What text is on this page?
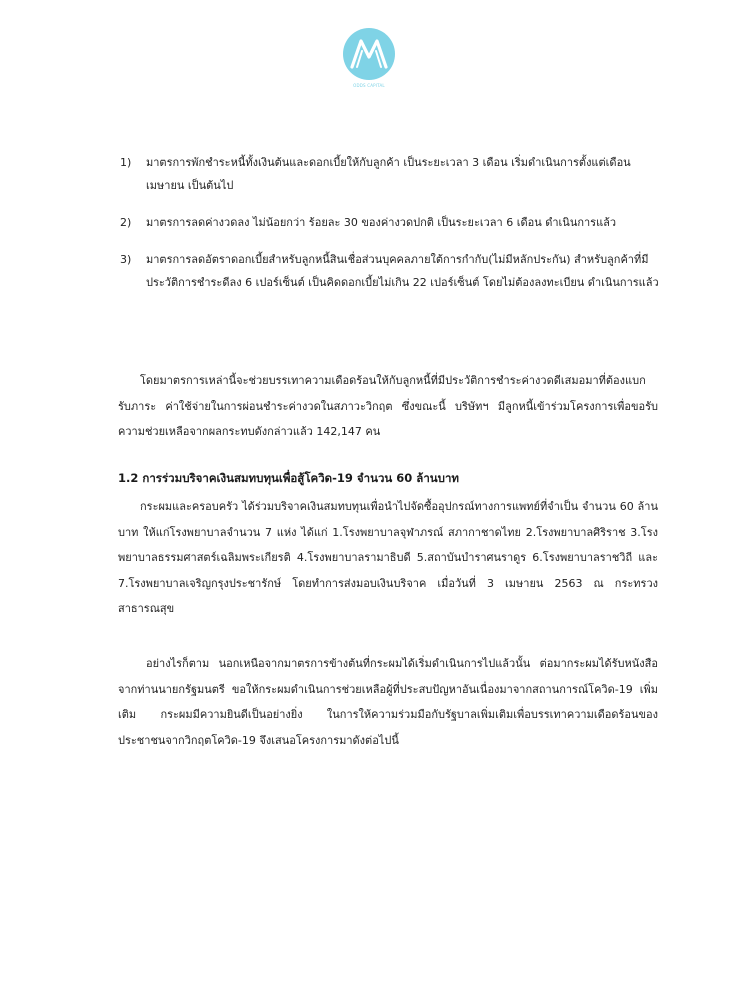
ODDS CAPITAL
1) มาตรการพักชำระหนี้ทั้งเงินต้นและดอกเบี้ยให้กับลูกค้า เป็นระยะเวลา 3 เดือน เริ่มดำเนินการตั้งแต่เดือนเมษายน เป็นต้นไป
2) มาตรการลดค่างวดลง ไม่น้อยกว่า ร้อยละ 30 ของค่างวดปกติ เป็นระยะเวลา 6 เดือน ดำเนินการแล้ว
3) มาตรการลดอัตราดอกเบี้ยสำหรับลูกหนี้สินเชื่อส่วนบุคคลภายใต้การกำกับ(ไม่มีหลักประกัน) สำหรับลูกค้าที่มีประวัติการชำระดีลง 6 เปอร์เซ็นต์ เป็นคิดดอกเบี้ยไม่เกิน 22 เปอร์เซ็นต์ โดยไม่ต้องลงทะเบียน ดำเนินการแล้ว

โดยมาตรการเหล่านี้จะช่วยบรรเทาความเดือดร้อนให้กับลูกหนี้ที่มีประวัติการชำระค่างวดดีเสมอมาที่ต้องแบกรับภาระ ค่าใช้จ่ายในการผ่อนชำระค่างวดในสภาวะวิกฤต ซึ่งขณะนี้ บริษัทฯ มีลูกหนี้เข้าร่วมโครงการเพื่อขอรับความช่วยเหลือจากผลกระทบดังกล่าวแล้ว 142,147 คน

1.2 การร่วมบริจาคเงินสมทบทุนเพื่อสู้โควิด-19 จำนวน 60 ล้านบาท

กระผมและครอบครัว ได้ร่วมบริจาคเงินสมทบทุนเพื่อนำไปจัดซื้ออุปกรณ์ทางการแพทย์ที่จำเป็น จำนวน 60 ล้านบาท ให้แก่โรงพยาบาลจำนวน 7 แห่ง ได้แก่ 1.โรงพยาบาลจุฬาภรณ์ สภากาชาดไทย 2.โรงพยาบาลศิริราช 3.โรงพยาบาลธรรมศาสตร์เฉลิมพระเกียรติ 4.โรงพยาบาลรามาธิบดี 5.สถาบันบำราศนราดูร 6.โรงพยาบาลราชวิถี และ 7.โรงพยาบาลเจริญกรุงประชารักษ์ โดยทำการส่งมอบเงินบริจาค เมื่อวันที่ 3 เมษายน 2563 ณ กระทรวงสาธารณสุข

อย่างไรก็ตาม นอกเหนือจากมาตรการข้างต้นที่กระผมได้เริ่มดำเนินการไปแล้วนั้น ต่อมากระผมได้รับหนังสือจากท่านนายกรัฐมนตรี ขอให้กระผมดำเนินการช่วยเหลือผู้ที่ประสบปัญหาอันเนื่องมาจากสถานการณ์โควิด-19 เพิ่มเติม กระผมมีความยินดีเป็นอย่างยิ่ง ในการให้ความร่วมมือกับรัฐบาลเพิ่มเติมเพื่อบรรเทาความเดือดร้อนของประชาชนจากวิกฤตโควิด-19 จึงเสนอโครงการมาดังต่อไปนี้
